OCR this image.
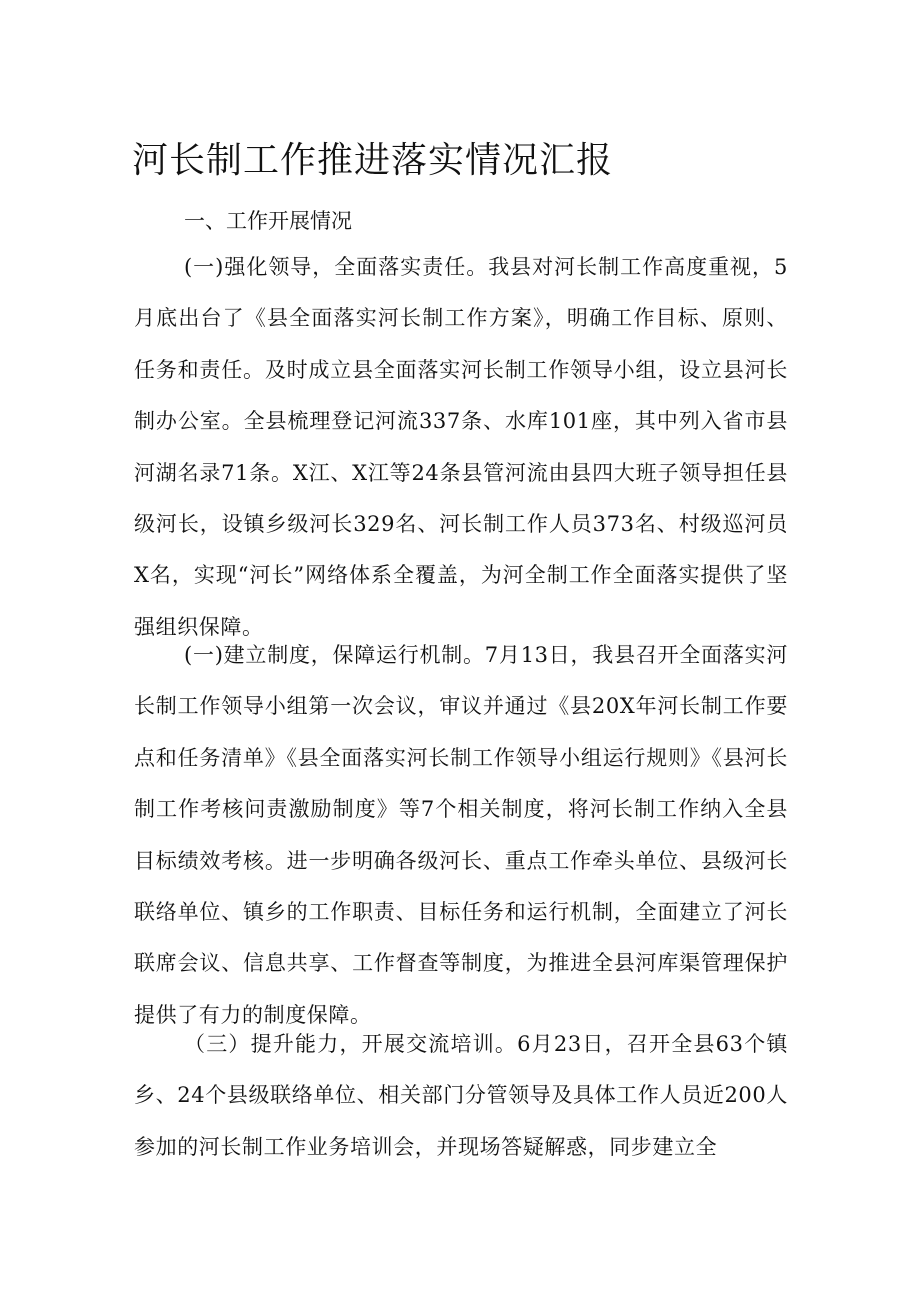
河长制工作推进落实情况汇报
一、工作开展情况

(一)强化领导，全面落实责任。我县对河长制工作高度重视，5月底出台了《县全面落实河长制工作方案》，明确工作目标、原则、任务和责任。及时成立县全面落实河长制工作领导小组，设立县河长制办公室。全县梳理登记河流337条、水库101座，其中列入省市县河湖名录71条。X江、X江等24条县管河流由县四大班子领导担任县级河长，设镇乡级河长329名、河长制工作人员373名、村级巡河员X名，实现“河长”网络体系全覆盖，为河全制工作全面落实提供了坚强组织保障。

(一)建立制度，保障运行机制。7月13日，我县召开全面落实河长制工作领导小组第一次会议，审议并通过《县20X年河长制工作要点和任务清单》《县全面落实河长制工作领导小组运行规则》《县河长制工作考核问责激励制度》等7个相关制度，将河长制工作纳入全县目标绩效考核。进一步明确各级河长、重点工作牵头单位、县级河长联络单位、镇乡的工作职责、目标任务和运行机制，全面建立了河长联席会议、信息共享、工作督查等制度，为推进全县河库渠管理保护提供了有力的制度保障。

（三）提升能力，开展交流培训。6月23日，召开全县63个镇乡、24个县级联络单位、相关部门分管领导及具体工作人员近200人参加的河长制工作业务培训会，并现场答疑解惑，同步建立全
